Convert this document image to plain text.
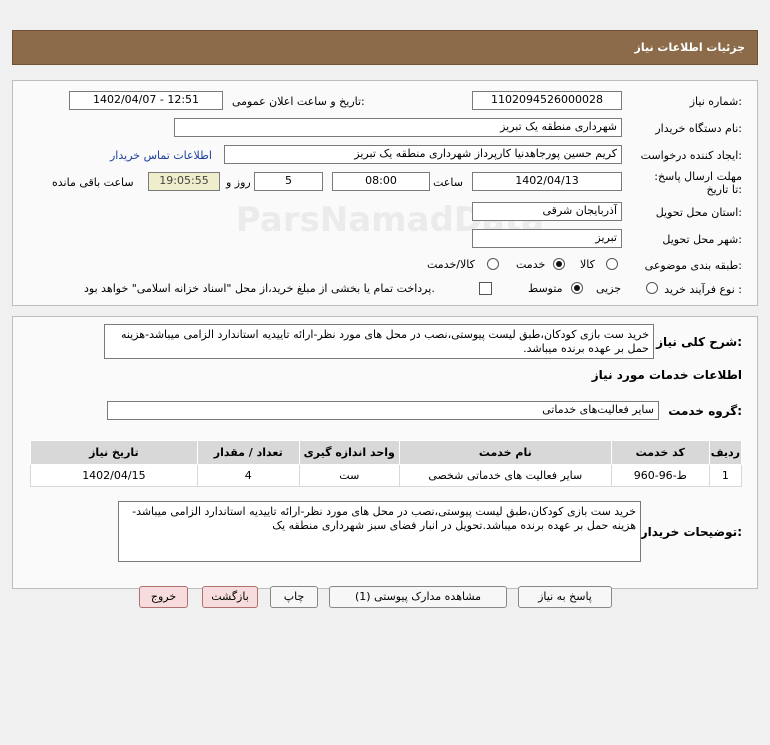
جزئیات اطلاعات نیاز
شماره نیاز:
1102094526000028
تاریخ و ساعت اعلان عمومی:
1402/04/07 - 12:51
نام دستگاه خریدار:
شهرداری منطقه یک تبریز
ایجاد کننده درخواست:
کریم حسین پورجاهدنیا کارپرداز شهرداری منطقه یک تبریز
اطلاعات تماس خریدار
مهلت ارسال پاسخ: تا تاریخ:
1402/04/13
ساعت
08:00
5
روز و
19:05:55
ساعت باقی مانده
استان محل تحویل:
آذربایجان شرقی
شهر محل تحویل:
تبریز
طبقه بندی موضوعی:
کالا
خدمت
کالا/خدمت
نوع فرآیند خرید :
جزیی
متوسط
پرداخت تمام یا بخشی از مبلغ خرید،از محل "اسناد خزانه اسلامی" خواهد بود.
شرح کلی نیاز:
خرید ست بازی کودکان،طبق لیست پیوستی،نصب در محل های مورد نظر-ارائه تاییدیه استاندارد الزامی میباشد-هزینه حمل بر عهده برنده میباشد.
اطلاعات خدمات مورد نیاز
گروه خدمت:
سایر فعالیت‌های خدماتی
ردیف	کد خدمت	نام خدمت	واحد اندازه گیری	تعداد / مقدار	تاریخ نیاز
1	ط-96-960	سایر فعالیت های خدماتی شخصی	ست	4	1402/04/15
توضیحات خریدار:
خرید ست بازی کودکان،طبق لیست پیوستی،نصب در محل های مورد نظر-ارائه تاییدیه استاندارد الزامی میباشد-هزینه حمل بر عهده برنده میباشد.تحویل در انبار فضای سبز شهرداری منطقه یک
پاسخ به نیاز
مشاهده مدارک پیوستی (1)
چاپ
بازگشت
خروج
